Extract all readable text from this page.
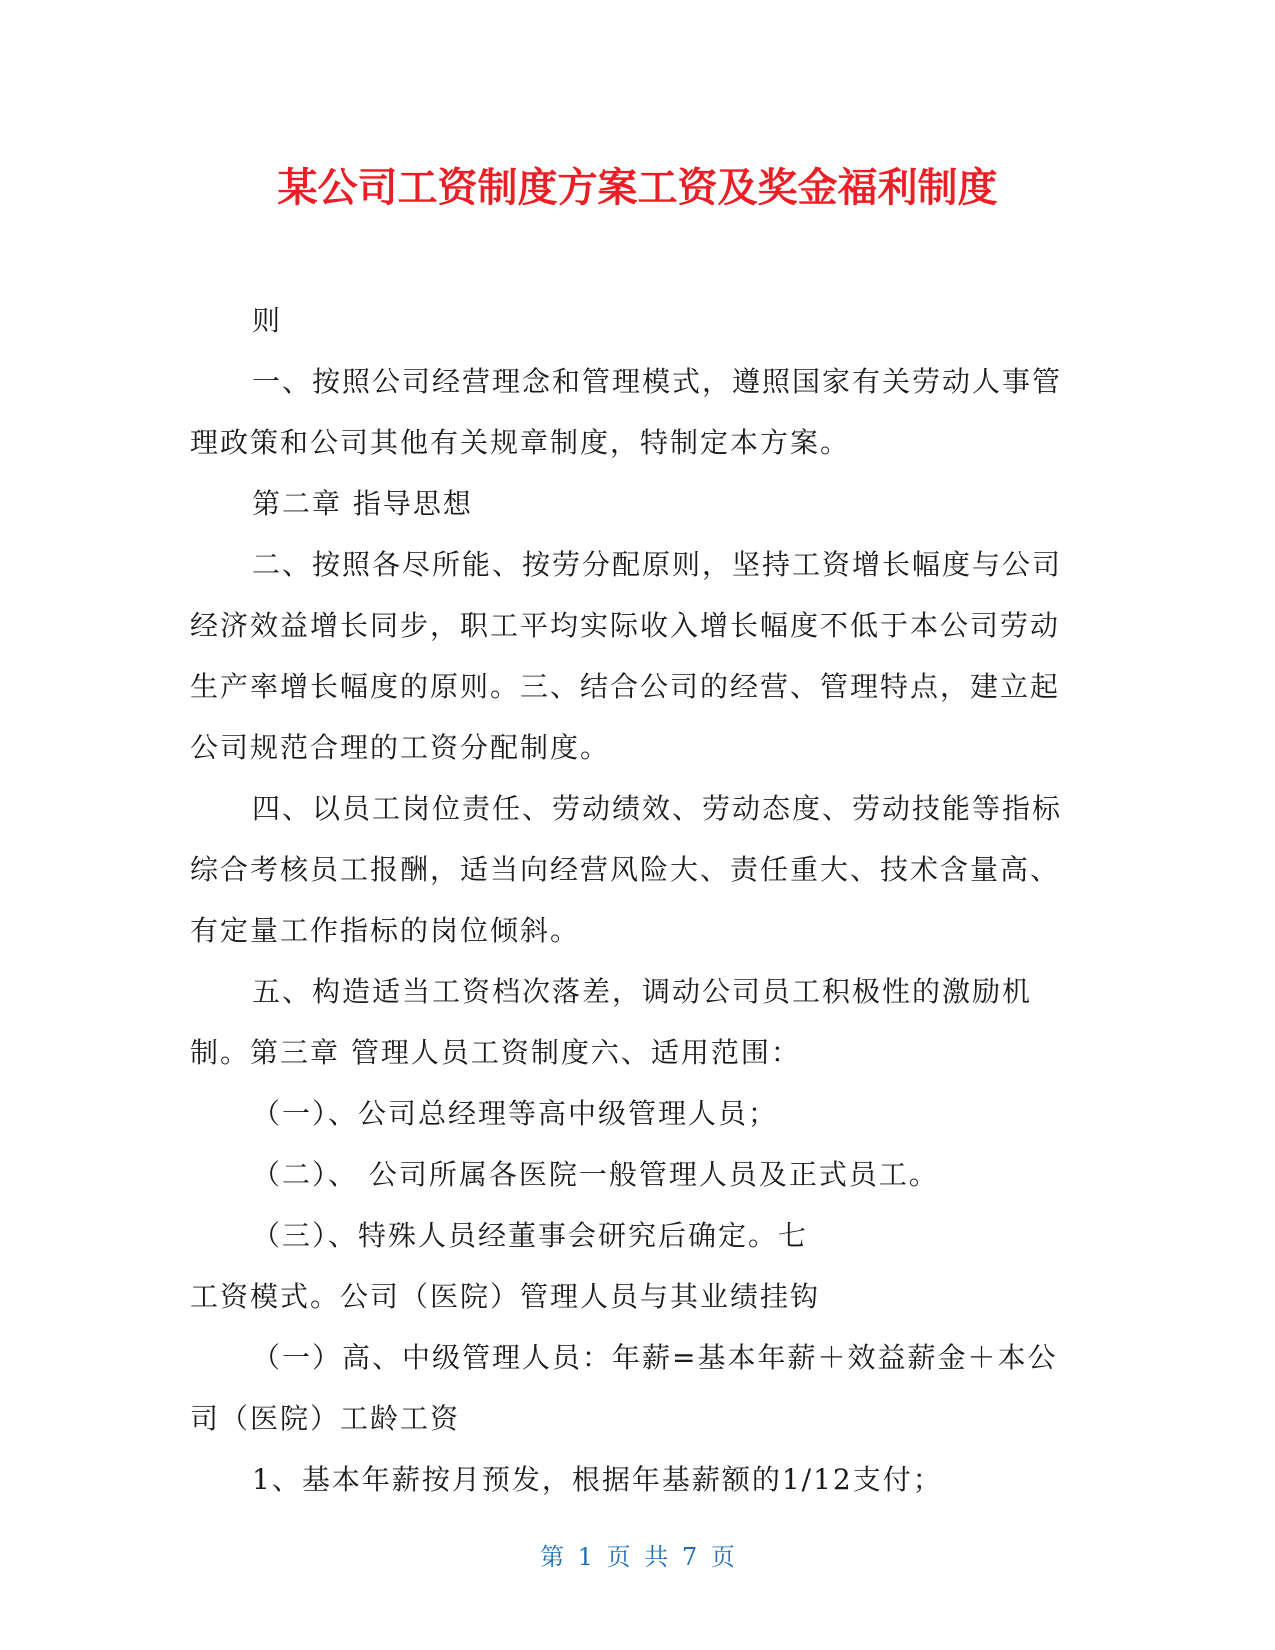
某公司工资制度方案工资及奖金福利制度

则

一、按照公司经营理念和管理模式，遵照国家有关劳动人事管理政策和公司其他有关规章制度，特制定本方案。

第二章 指导思想

二、按照各尽所能、按劳分配原则，坚持工资增长幅度与公司经济效益增长同步，职工平均实际收入增长幅度不低于本公司劳动生产率增长幅度的原则。三、结合公司的经营、管理特点，建立起公司规范合理的工资分配制度。

四、以员工岗位责任、劳动绩效、劳动态度、劳动技能等指标综合考核员工报酬，适当向经营风险大、责任重大、技术含量高、有定量工作指标的岗位倾斜。

五、构造适当工资档次落差，调动公司员工积极性的激励机制。第三章 管理人员工资制度六、适用范围：

（一）、公司总经理等高中级管理人员；

（二）、 公司所属各医院一般管理人员及正式员工。

（三）、特殊人员经董事会研究后确定。七

工资模式。公司（医院）管理人员与其业绩挂钩

（一）高、中级管理人员：年薪=基本年薪＋效益薪金＋本公司（医院）工龄工资

1、基本年薪按月预发，根据年基薪额的1/12支付；

第 1 页 共 7 页
